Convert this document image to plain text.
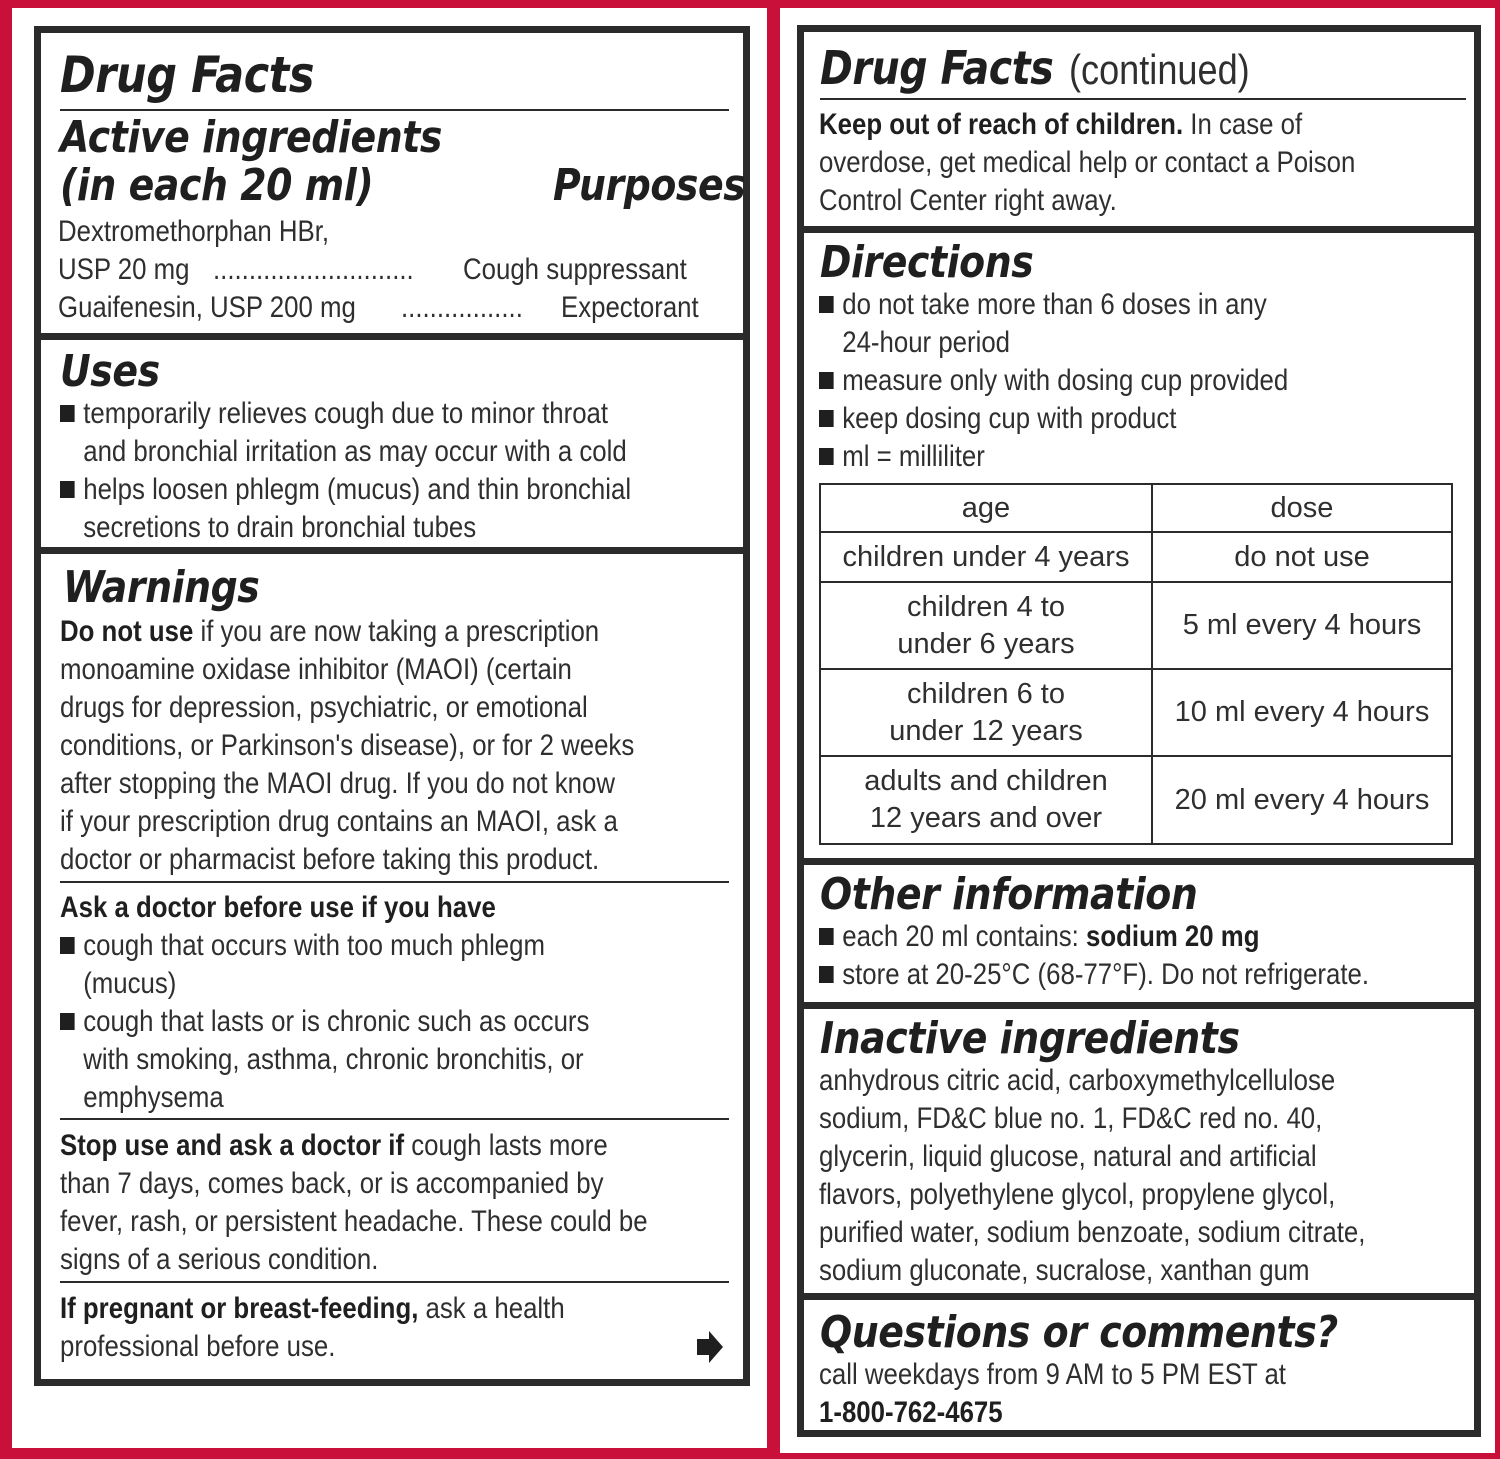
Drug Facts
Active ingredients
(in each 20 ml)	Purposes
Dextromethorphan HBr,
USP 20 mg ............................ Cough suppressant
Guaifenesin, USP 200 mg ................. Expectorant
Uses
temporarily relieves cough due to minor throat
and bronchial irritation as may occur with a cold
helps loosen phlegm (mucus) and thin bronchial
secretions to drain bronchial tubes
Warnings
Do not use if you are now taking a prescription
monoamine oxidase inhibitor (MAOI) (certain
drugs for depression, psychiatric, or emotional
conditions, or Parkinson's disease), or for 2 weeks
after stopping the MAOI drug. If you do not know
if your prescription drug contains an MAOI, ask a
doctor or pharmacist before taking this product.
Ask a doctor before use if you have
cough that occurs with too much phlegm
(mucus)
cough that lasts or is chronic such as occurs
with smoking, asthma, chronic bronchitis, or
emphysema
Stop use and ask a doctor if cough lasts more
than 7 days, comes back, or is accompanied by
fever, rash, or persistent headache. These could be
signs of a serious condition.
If pregnant or breast-feeding, ask a health
professional before use.
Drug Facts(continued)
Keep out of reach of children. In case of
overdose, get medical help or contact a Poison
Control Center right away.
Directions
do not take more than 6 doses in any
24-hour period
measure only with dosing cup provided
keep dosing cup with product
ml = milliliter
age	dose
children under 4 years	do not use
children 4 to
under 6 years	5 ml every 4 hours
children 6 to
under 12 years	10 ml every 4 hours
adults and children
12 years and over	20 ml every 4 hours
Other information
each 20 ml contains: sodium 20 mg
store at 20-25°C (68-77°F). Do not refrigerate.
Inactive ingredients
anhydrous citric acid, carboxymethylcellulose
sodium, FD&C blue no. 1, FD&C red no. 40,
glycerin, liquid glucose, natural and artificial
flavors, polyethylene glycol, propylene glycol,
purified water, sodium benzoate, sodium citrate,
sodium gluconate, sucralose, xanthan gum
Questions or comments?
call weekdays from 9 AM to 5 PM EST at
1-800-762-4675
